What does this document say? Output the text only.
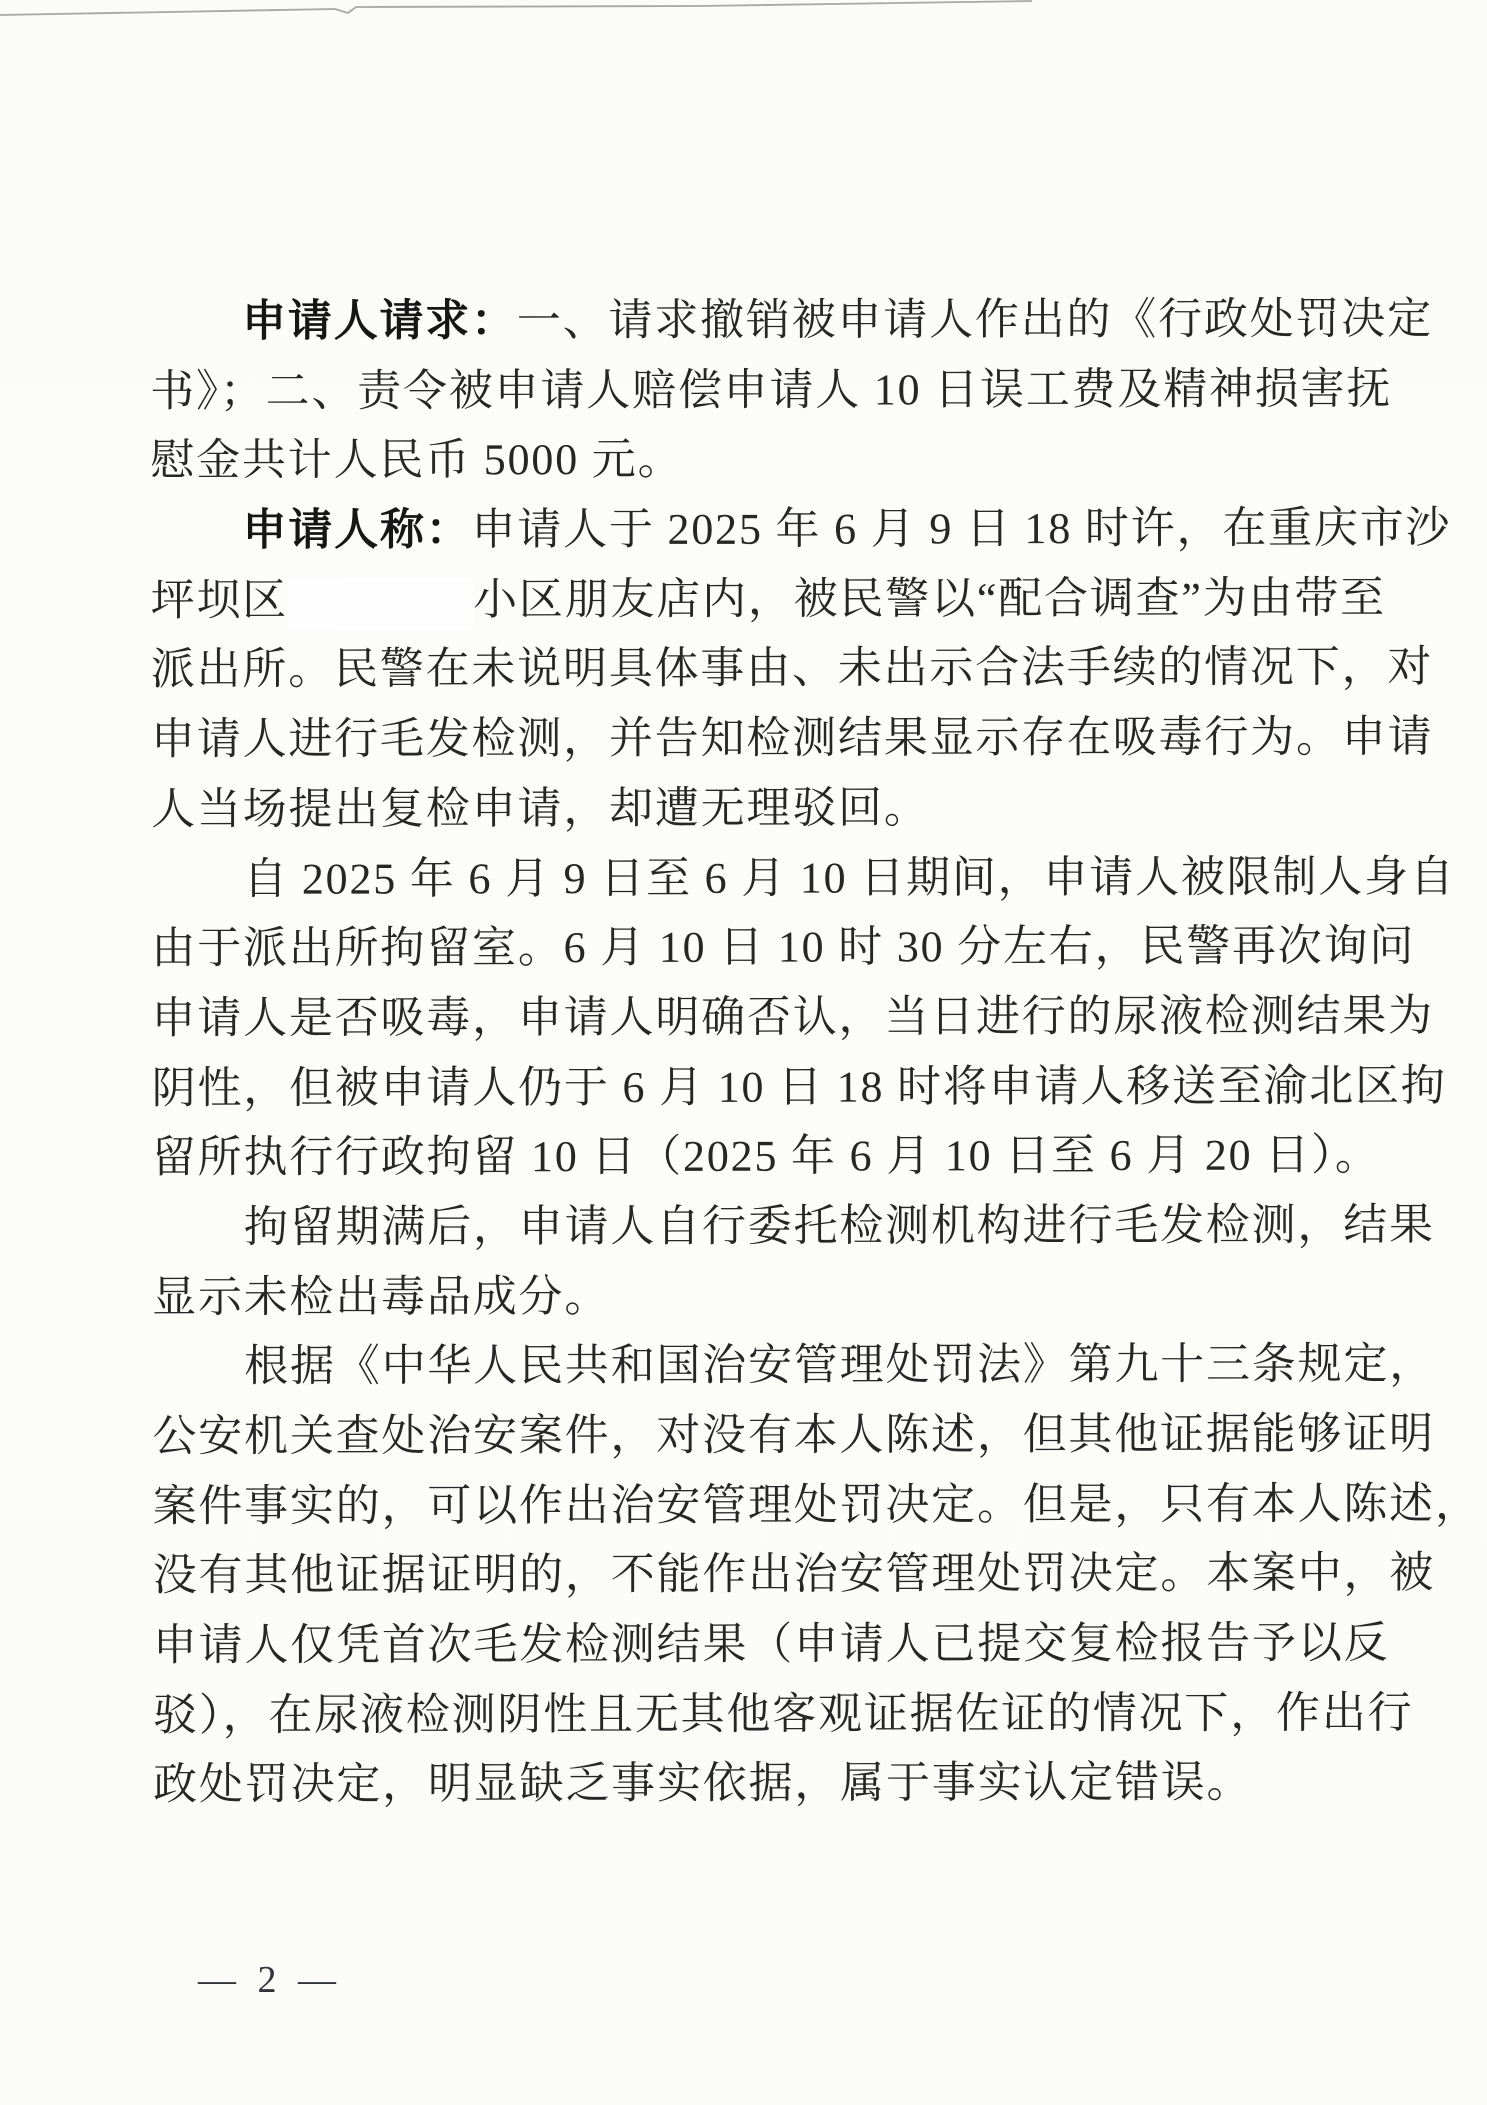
申请人请求：一、请求撤销被申请人作出的《行政处罚决定
书》；二、责令被申请人赔偿申请人 10 日误工费及精神损害抚
慰金共计人民币 5000 元。
申请人称：申请人于 2025 年 6 月 9 日 18 时许，在重庆市沙
坪坝区	小区朋友店内，被民警以“配合调查”为由带至
派出所。民警在未说明具体事由、未出示合法手续的情况下，对
申请人进行毛发检测，并告知检测结果显示存在吸毒行为。申请
人当场提出复检申请，却遭无理驳回。
自 2025 年 6 月 9 日至 6 月 10 日期间，申请人被限制人身自
由于派出所拘留室。6 月 10 日 10 时 30 分左右，民警再次询问
申请人是否吸毒，申请人明确否认，当日进行的尿液检测结果为
阴性，但被申请人仍于 6 月 10 日 18 时将申请人移送至渝北区拘
留所执行行政拘留 10 日（2025 年 6 月 10 日至 6 月 20 日）。
拘留期满后，申请人自行委托检测机构进行毛发检测，结果
显示未检出毒品成分。
根据《中华人民共和国治安管理处罚法》第九十三条规定，
公安机关查处治安案件，对没有本人陈述，但其他证据能够证明
案件事实的，可以作出治安管理处罚决定。但是，只有本人陈述，
没有其他证据证明的，不能作出治安管理处罚决定。本案中，被
申请人仅凭首次毛发检测结果（申请人已提交复检报告予以反
驳），在尿液检测阴性且无其他客观证据佐证的情况下，作出行
政处罚决定，明显缺乏事实依据，属于事实认定错误。
— 2 —
